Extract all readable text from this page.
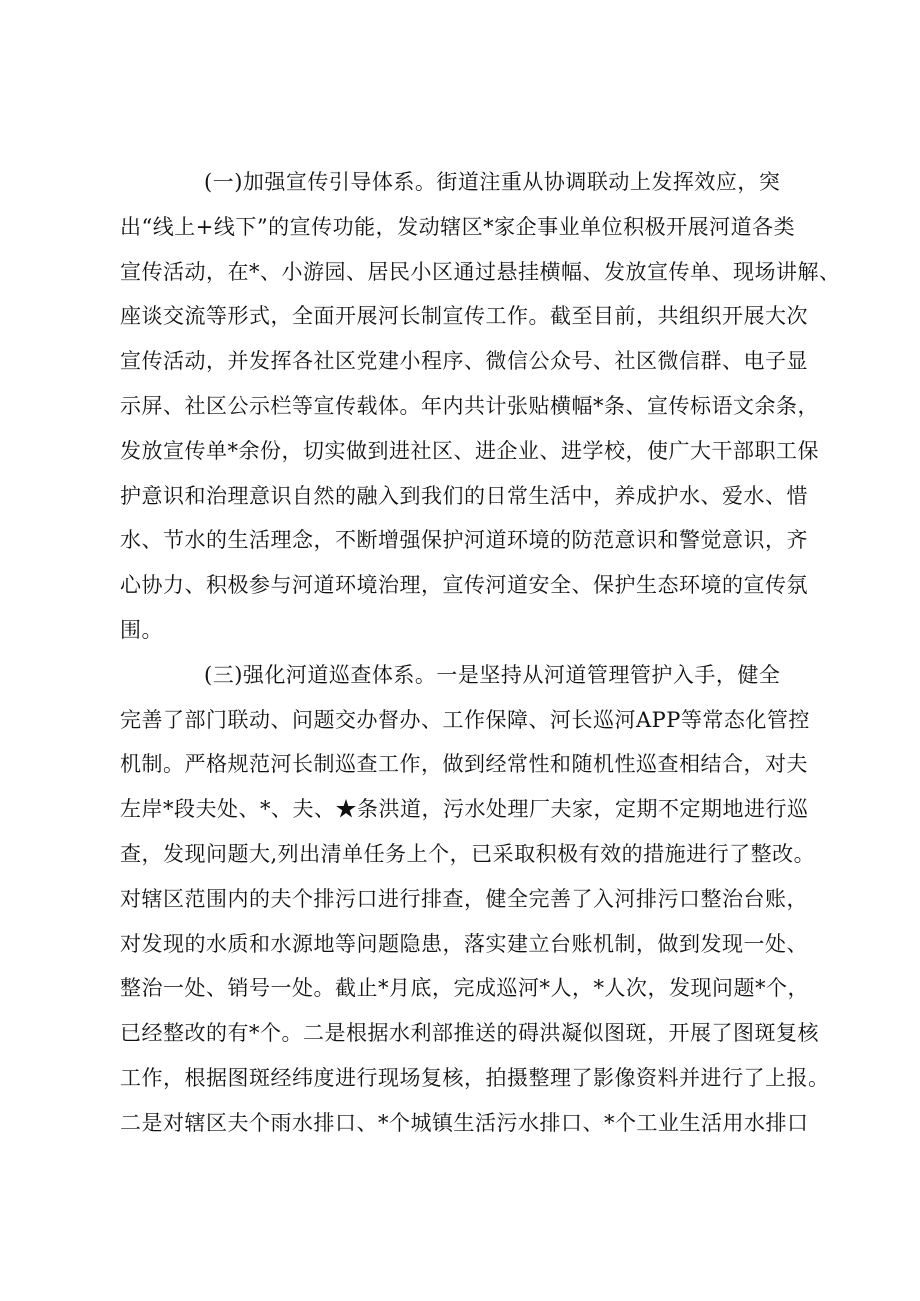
(一)加强宣传引导体系。街道注重从协调联动上发挥效应，突
出“线上+线下”的宣传功能，发动辖区*家企事业单位积极开展河道各类
宣传活动，在*、小游园、居民小区通过悬挂横幅、发放宣传单、现场讲解、
座谈交流等形式，全面开展河长制宣传工作。截至目前，共组织开展大次
宣传活动，并发挥各社区党建小程序、微信公众号、社区微信群、电子显
示屏、社区公示栏等宣传载体。年内共计张贴横幅*条、宣传标语文余条，
发放宣传单*余份，切实做到进社区、进企业、进学校，使广大干部职工保
护意识和治理意识自然的融入到我们的日常生活中，养成护水、爱水、惜
水、节水的生活理念，不断增强保护河道环境的防范意识和警觉意识，齐
心协力、积极参与河道环境治理，宣传河道安全、保护生态环境的宣传氛
围。
(三)强化河道巡查体系。一是坚持从河道管理管护入手，健全
完善了部门联动、问题交办督办、工作保障、河长巡河APP等常态化管控
机制。严格规范河长制巡查工作，做到经常性和随机性巡查相结合，对夫
左岸*段夫处、*、夫、★条洪道，污水处理厂夫家，定期不定期地进行巡
查，发现问题大,列出清单任务上个，已采取积极有效的措施进行了整改。
对辖区范围内的夫个排污口进行排查，健全完善了入河排污口整治台账，
对发现的水质和水源地等问题隐患，落实建立台账机制，做到发现一处、
整治一处、销号一处。截止*月底，完成巡河*人，*人次，发现问题*个，
已经整改的有*个。二是根据水利部推送的碍洪凝似图斑，开展了图斑复核
工作，根据图斑经纬度进行现场复核，拍摄整理了影像资料并进行了上报。
二是对辖区夫个雨水排口、*个城镇生活污水排口、*个工业生活用水排口
